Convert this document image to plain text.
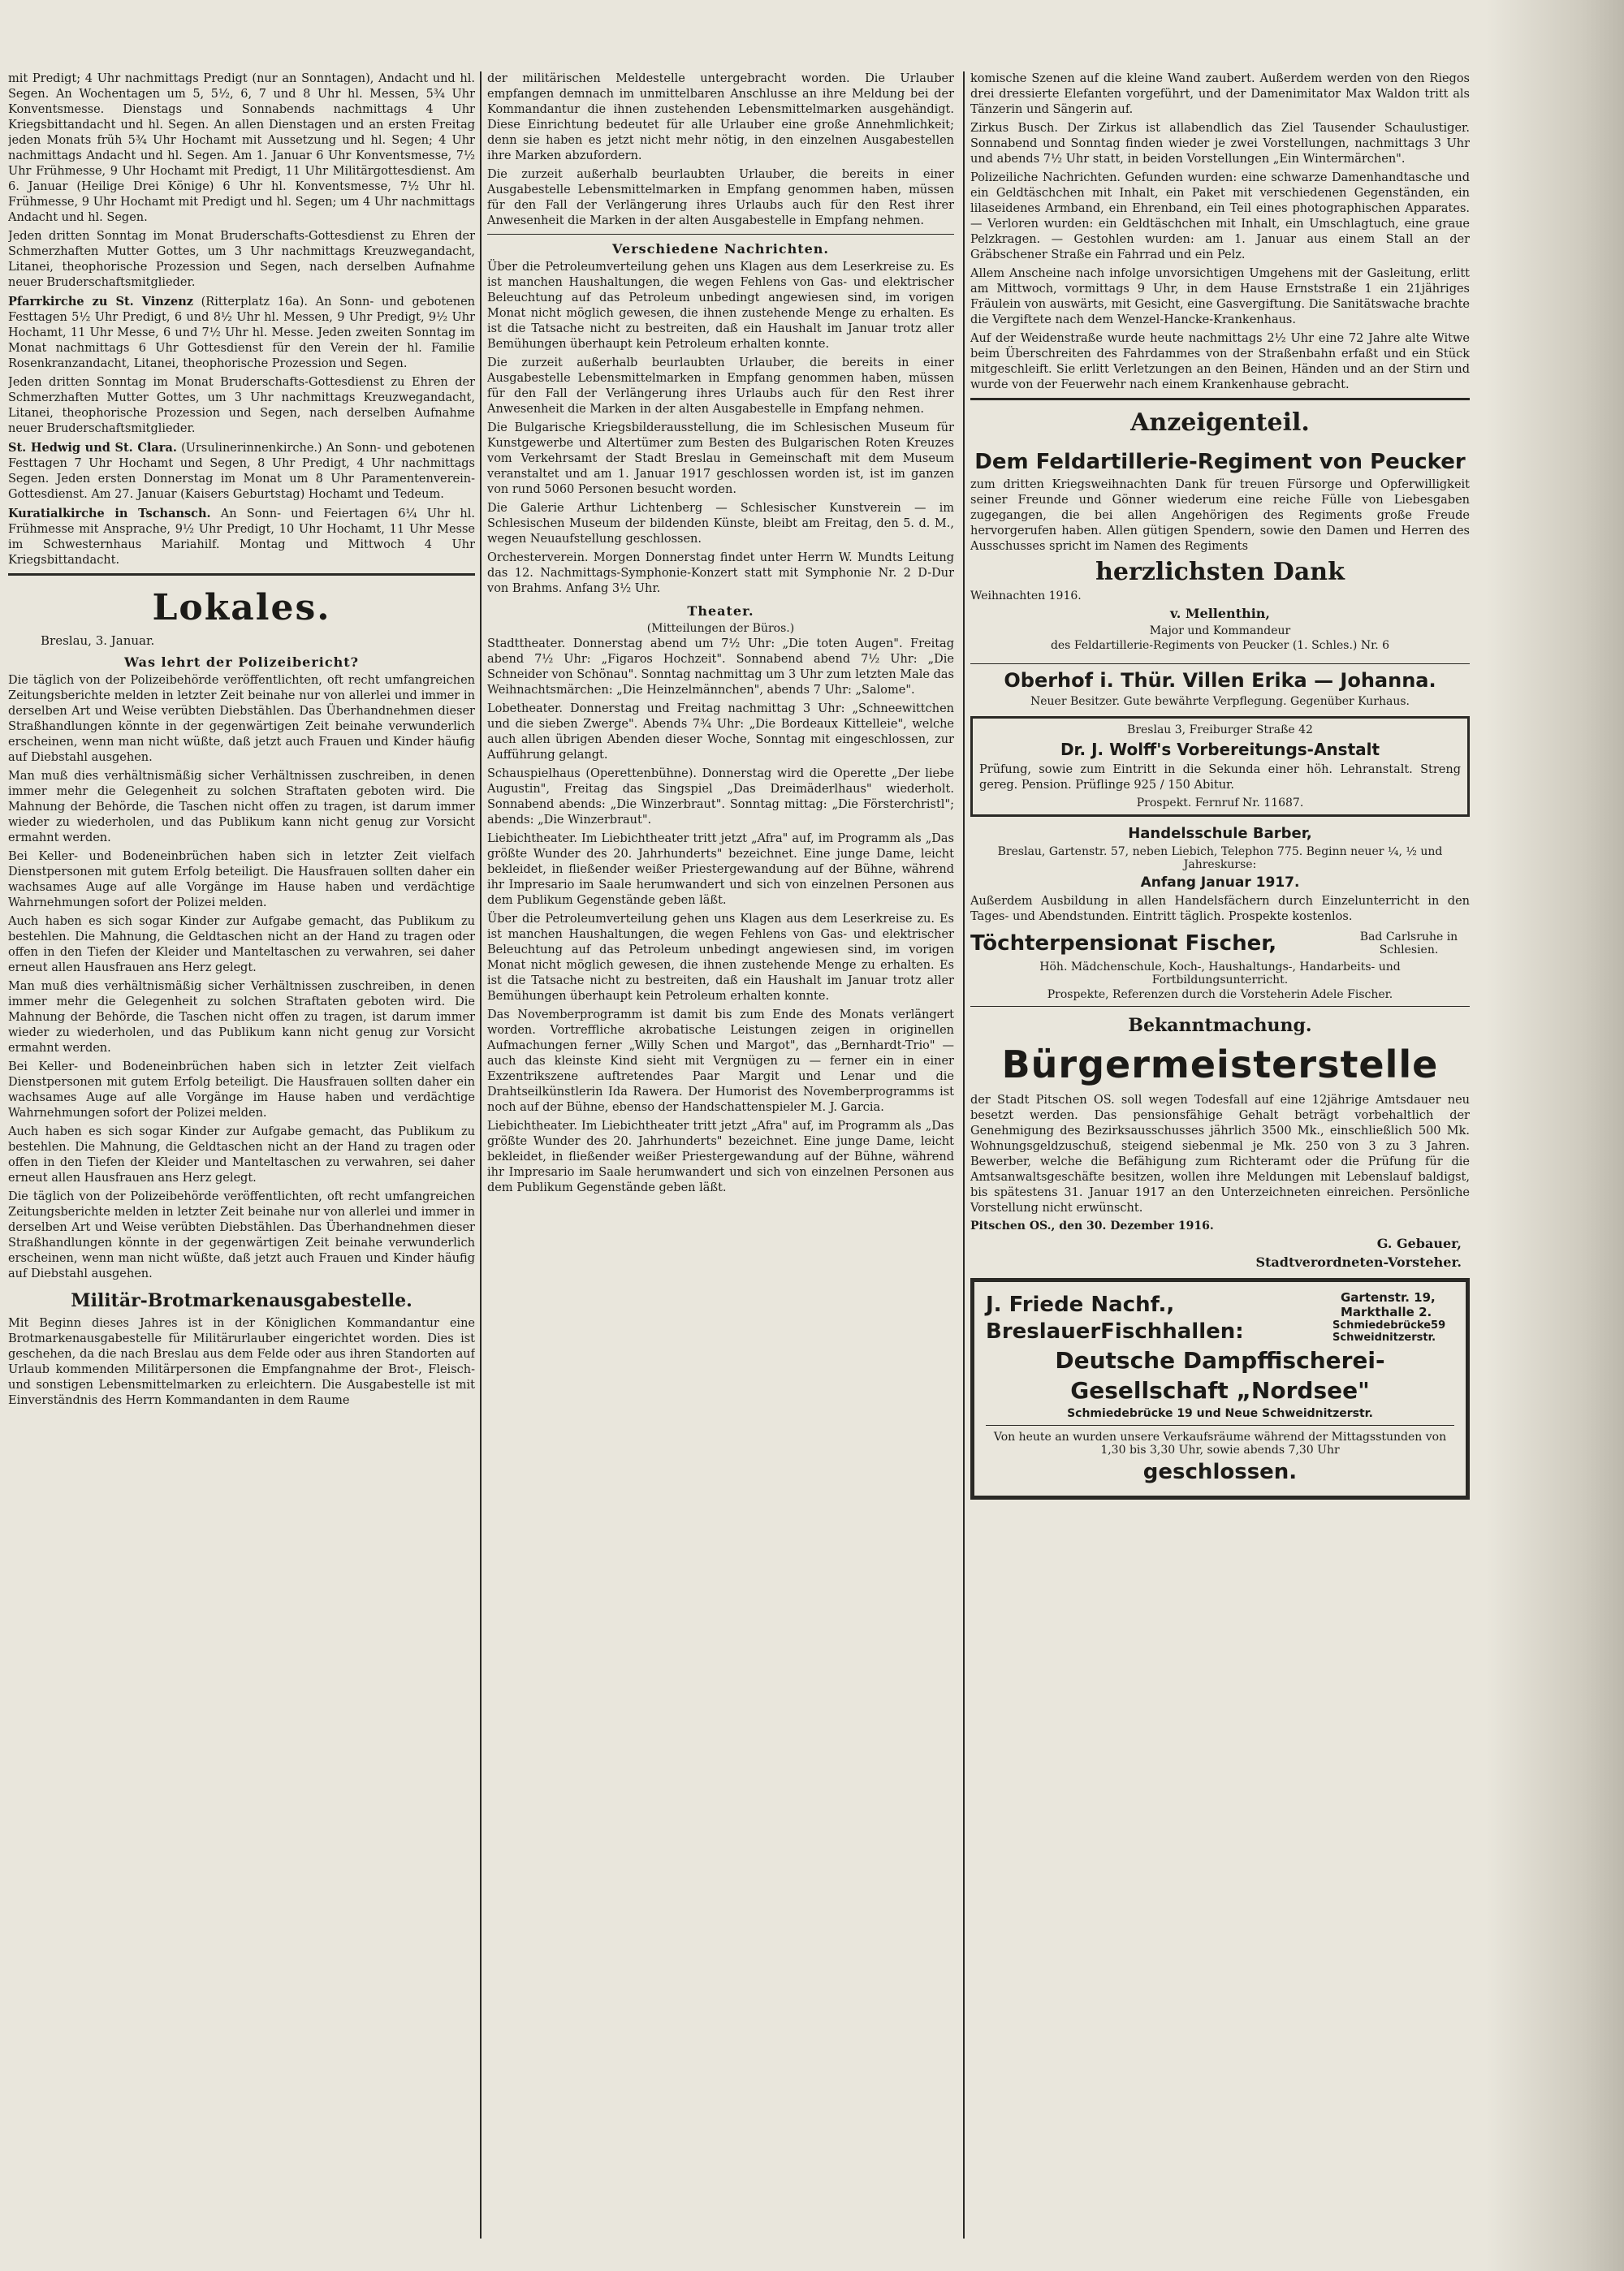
mit Predigt; 4 Uhr nachmittags Predigt (nur an Sonntagen), Andacht und hl. Segen. An Wochentagen um 5, 5½, 6, 7 und 8 Uhr hl. Messen, 5¾ Uhr Konventsmesse. Dienstags und Sonnabends nachmittags 4 Uhr Kriegsbittandacht und hl. Segen. An allen Dienstagen und an ersten Freitag jeden Monats früh 5¾ Uhr Hochamt mit Aussetzung und hl. Segen; 4 Uhr nachmittags Andacht und hl. Segen. Am 1. Januar 6 Uhr Konventsmesse, 7½ Uhr Frühmesse, 9 Uhr Hochamt mit Predigt, 11 Uhr Militärgottesdienst. Am 6. Januar (Heilige Drei Könige) 6 Uhr hl. Konventsmesse, 7½ Uhr hl. Frühmesse, 9 Uhr Hochamt mit Predigt und hl. Segen; um 4 Uhr nachmittags Andacht und hl. Segen.

Jeden dritten Sonntag im Monat Bruderschafts-Gottesdienst zu Ehren der Schmerzhaften Mutter Gottes, um 3 Uhr nachmittags Kreuzwegandacht, Litanei, theophorische Prozession und Segen, nach derselben Aufnahme neuer Bruderschaftsmitglieder.

Pfarrkirche zu St. Vinzenz (Ritterplatz 16a). An Sonn- und gebotenen Festtagen 5½ Uhr Predigt, 6 und 8½ Uhr hl. Messen, 9 Uhr Predigt, 9½ Uhr Hochamt, 11 Uhr Messe, 6 und 7½ Uhr hl. Messe. Jeden zweiten Sonntag im Monat nachmittags 6 Uhr Gottesdienst für den Verein der hl. Familie Rosenkranzandacht, Litanei, theophorische Prozession und Segen.

Jeden dritten Sonntag im Monat Bruderschafts-Gottesdienst zu Ehren der Schmerzhaften Mutter Gottes, um 3 Uhr nachmittags Kreuzwegandacht, Litanei, theophorische Prozession und Segen, nach derselben Aufnahme neuer Bruderschaftsmitglieder.

St. Hedwig und St. Clara. (Ursulinerinnenkirche.) An Sonn- und gebotenen Festtagen 7 Uhr Hochamt und Segen, 8 Uhr Predigt, 4 Uhr nachmittags Segen. Jeden ersten Donnerstag im Monat um 8 Uhr Paramentenverein-Gottesdienst. Am 27. Januar (Kaisers Geburtstag) Hochamt und Tedeum.

Kuratialkirche in Tschansch. An Sonn- und Feiertagen 6¼ Uhr hl. Frühmesse mit Ansprache, 9½ Uhr Predigt, 10 Uhr Hochamt, 11 Uhr Messe im Schwesternhaus Mariahilf. Montag und Mittwoch 4 Uhr Kriegsbittandacht.

Lokales.
Breslau, 3. Januar.
Was lehrt der Polizeibericht?

Die täglich von der Polizeibehörde veröffentlichten, oft recht umfangreichen Zeitungsberichte melden in letzter Zeit beinahe nur von allerlei und immer in derselben Art und Weise verübten Diebstählen. Das Überhandnehmen dieser Straßhandlungen könnte in der gegenwärtigen Zeit beinahe verwunderlich erscheinen, wenn man nicht wüßte, daß jetzt auch Frauen und Kinder häufig auf Diebstahl ausgehen.

Man muß dies verhältnismäßig sicher Verhältnissen zuschreiben, in denen immer mehr die Gelegenheit zu solchen Straftaten geboten wird. Die Mahnung der Behörde, die Taschen nicht offen zu tragen, ist darum immer wieder zu wiederholen, und das Publikum kann nicht genug zur Vorsicht ermahnt werden.

Bei Keller- und Bodeneinbrüchen haben sich in letzter Zeit vielfach Dienstpersonen mit gutem Erfolg beteiligt. Die Hausfrauen sollten daher ein wachsames Auge auf alle Vorgänge im Hause haben und verdächtige Wahrnehmungen sofort der Polizei melden.

Auch haben es sich sogar Kinder zur Aufgabe gemacht, das Publikum zu bestehlen. Die Mahnung, die Geldtaschen nicht an der Hand zu tragen oder offen in den Tiefen der Kleider und Manteltaschen zu verwahren, sei daher erneut allen Hausfrauen ans Herz gelegt.

Man muß dies verhältnismäßig sicher Verhältnissen zuschreiben, in denen immer mehr die Gelegenheit zu solchen Straftaten geboten wird. Die Mahnung der Behörde, die Taschen nicht offen zu tragen, ist darum immer wieder zu wiederholen, und das Publikum kann nicht genug zur Vorsicht ermahnt werden.

Bei Keller- und Bodeneinbrüchen haben sich in letzter Zeit vielfach Dienstpersonen mit gutem Erfolg beteiligt. Die Hausfrauen sollten daher ein wachsames Auge auf alle Vorgänge im Hause haben und verdächtige Wahrnehmungen sofort der Polizei melden.

Auch haben es sich sogar Kinder zur Aufgabe gemacht, das Publikum zu bestehlen. Die Mahnung, die Geldtaschen nicht an der Hand zu tragen oder offen in den Tiefen der Kleider und Manteltaschen zu verwahren, sei daher erneut allen Hausfrauen ans Herz gelegt.

Die täglich von der Polizeibehörde veröffentlichten, oft recht umfangreichen Zeitungsberichte melden in letzter Zeit beinahe nur von allerlei und immer in derselben Art und Weise verübten Diebstählen. Das Überhandnehmen dieser Straßhandlungen könnte in der gegenwärtigen Zeit beinahe verwunderlich erscheinen, wenn man nicht wüßte, daß jetzt auch Frauen und Kinder häufig auf Diebstahl ausgehen.

Militär-Brotmarkenausgabestelle.

Mit Beginn dieses Jahres ist in der Königlichen Kommandantur eine Brotmarkenausgabestelle für Militärurlauber eingerichtet worden. Dies ist geschehen, da die nach Breslau aus dem Felde oder aus ihren Standorten auf Urlaub kommenden Militärpersonen die Empfangnahme der Brot-, Fleisch- und sonstigen Lebensmittelmarken zu erleichtern. Die Ausgabestelle ist mit Einverständnis des Herrn Kommandanten in dem Raume

der militärischen Meldestelle untergebracht worden. Die Urlauber empfangen demnach im unmittelbaren Anschlusse an ihre Meldung bei der Kommandantur die ihnen zustehenden Lebensmittelmarken ausgehändigt. Diese Einrichtung bedeutet für alle Urlauber eine große Annehmlichkeit; denn sie haben es jetzt nicht mehr nötig, in den einzelnen Ausgabestellen ihre Marken abzufordern.

Die zurzeit außerhalb beurlaubten Urlauber, die bereits in einer Ausgabestelle Lebensmittelmarken in Empfang genommen haben, müssen für den Fall der Verlängerung ihres Urlaubs auch für den Rest ihrer Anwesenheit die Marken in der alten Ausgabestelle in Empfang nehmen.

Verschiedene Nachrichten.

Über die Petroleumverteilung gehen uns Klagen aus dem Leserkreise zu. Es ist manchen Haushaltungen, die wegen Fehlens von Gas- und elektrischer Beleuchtung auf das Petroleum unbedingt angewiesen sind, im vorigen Monat nicht möglich gewesen, die ihnen zustehende Menge zu erhalten. Es ist die Tatsache nicht zu bestreiten, daß ein Haushalt im Januar trotz aller Bemühungen überhaupt kein Petroleum erhalten konnte.

Die zurzeit außerhalb beurlaubten Urlauber, die bereits in einer Ausgabestelle Lebensmittelmarken in Empfang genommen haben, müssen für den Fall der Verlängerung ihres Urlaubs auch für den Rest ihrer Anwesenheit die Marken in der alten Ausgabestelle in Empfang nehmen.

Die Bulgarische Kriegsbilderausstellung, die im Schlesischen Museum für Kunstgewerbe und Altertümer zum Besten des Bulgarischen Roten Kreuzes vom Verkehrsamt der Stadt Breslau in Gemeinschaft mit dem Museum veranstaltet und am 1. Januar 1917 geschlossen worden ist, ist im ganzen von rund 5060 Personen besucht worden.

Die Galerie Arthur Lichtenberg — Schlesischer Kunstverein — im Schlesischen Museum der bildenden Künste, bleibt am Freitag, den 5. d. M., wegen Neuaufstellung geschlossen.

Orchesterverein. Morgen Donnerstag findet unter Herrn W. Mundts Leitung das 12. Nachmittags-Symphonie-Konzert statt mit Symphonie Nr. 2 D-Dur von Brahms. Anfang 3½ Uhr.

Theater.
(Mitteilungen der Büros.)

Stadttheater. Donnerstag abend um 7½ Uhr: „Die toten Augen". Freitag abend 7½ Uhr: „Figaros Hochzeit". Sonnabend abend 7½ Uhr: „Die Schneider von Schönau". Sonntag nachmittag um 3 Uhr zum letzten Male das Weihnachtsmärchen: „Die Heinzelmännchen", abends 7 Uhr: „Salome".

Lobetheater. Donnerstag und Freitag nachmittag 3 Uhr: „Schneewittchen und die sieben Zwerge". Abends 7¾ Uhr: „Die Bordeaux Kittelleie", welche auch allen übrigen Abenden dieser Woche, Sonntag mit eingeschlossen, zur Aufführung gelangt.

Schauspielhaus (Operettenbühne). Donnerstag wird die Operette „Der liebe Augustin", Freitag das Singspiel „Das Dreimäderlhaus" wiederholt. Sonnabend abends: „Die Winzerbraut". Sonntag mittag: „Die Försterchristl"; abends: „Die Winzerbraut".

Liebichtheater. Im Liebichtheater tritt jetzt „Afra" auf, im Programm als „Das größte Wunder des 20. Jahrhunderts" bezeichnet. Eine junge Dame, leicht bekleidet, in fließender weißer Priestergewandung auf der Bühne, während ihr Impresario im Saale herumwandert und sich von einzelnen Personen aus dem Publikum Gegenstände geben läßt.

Über die Petroleumverteilung gehen uns Klagen aus dem Leserkreise zu. Es ist manchen Haushaltungen, die wegen Fehlens von Gas- und elektrischer Beleuchtung auf das Petroleum unbedingt angewiesen sind, im vorigen Monat nicht möglich gewesen, die ihnen zustehende Menge zu erhalten. Es ist die Tatsache nicht zu bestreiten, daß ein Haushalt im Januar trotz aller Bemühungen überhaupt kein Petroleum erhalten konnte.

Das Novemberprogramm ist damit bis zum Ende des Monats verlängert worden. Vortreffliche akrobatische Leistungen zeigen in originellen Aufmachungen ferner „Willy Schen und Margot", das „Bernhardt-Trio" — auch das kleinste Kind sieht mit Vergnügen zu — ferner ein in einer Exzentrikszene auftretendes Paar Margit und Lenar und die Drahtseilkünstlerin Ida Rawera. Der Humorist des Novemberprogramms ist noch auf der Bühne, ebenso der Handschattenspieler M. J. Garcia.

Liebichtheater. Im Liebichtheater tritt jetzt „Afra" auf, im Programm als „Das größte Wunder des 20. Jahrhunderts" bezeichnet. Eine junge Dame, leicht bekleidet, in fließender weißer Priestergewandung auf der Bühne, während ihr Impresario im Saale herumwandert und sich von einzelnen Personen aus dem Publikum Gegenstände geben läßt.

komische Szenen auf die kleine Wand zaubert. Außerdem werden von den Riegos drei dressierte Elefanten vorgeführt, und der Damenimitator Max Waldon tritt als Tänzerin und Sängerin auf.

Zirkus Busch. Der Zirkus ist allabendlich das Ziel Tausender Schaulustiger. Sonnabend und Sonntag finden wieder je zwei Vorstellungen, nachmittags 3 Uhr und abends 7½ Uhr statt, in beiden Vorstellungen „Ein Wintermärchen".

Polizeiliche Nachrichten. Gefunden wurden: eine schwarze Damenhandtasche und ein Geldtäschchen mit Inhalt, ein Paket mit verschiedenen Gegenständen, ein lilaseidenes Armband, ein Ehrenband, ein Teil eines photographischen Apparates. — Verloren wurden: ein Geldtäschchen mit Inhalt, ein Umschlagtuch, eine graue Pelzkragen. — Gestohlen wurden: am 1. Januar aus einem Stall an der Gräbschener Straße ein Fahrrad und ein Pelz.

Allem Anscheine nach infolge unvorsichtigen Umgehens mit der Gasleitung, erlitt am Mittwoch, vormittags 9 Uhr, in dem Hause Ernststraße 1 ein 21jähriges Fräulein von auswärts, mit Gesicht, eine Gasvergiftung. Die Sanitätswache brachte die Vergiftete nach dem Wenzel-Hancke-Krankenhaus.

Auf der Weidenstraße wurde heute nachmittags 2½ Uhr eine 72 Jahre alte Witwe beim Überschreiten des Fahrdammes von der Straßenbahn erfaßt und ein Stück mitgeschleift. Sie erlitt Verletzungen an den Beinen, Händen und an der Stirn und wurde von der Feuerwehr nach einem Krankenhause gebracht.

Anzeigenteil.
Dem Feldartillerie-Regiment von Peucker

zum dritten Kriegsweihnachten Dank für treuen Fürsorge und Opferwilligkeit seiner Freunde und Gönner wiederum eine reiche Fülle von Liebesgaben zugegangen, die bei allen Angehörigen des Regiments große Freude hervorgerufen haben. Allen gütigen Spendern, sowie den Damen und Herren des Ausschusses spricht im Namen des Regiments

herzlichsten Dank
Weihnachten 1916.
v. Mellenthin,
Major und Kommandeur
des Feldartillerie-Regiments von Peucker (1. Schles.) Nr. 6
Oberhof i. Thür. Villen Erika — Johanna.
Neuer Besitzer. Gute bewährte Verpflegung. Gegenüber Kurhaus.
Breslau 3, Freiburger Straße 42
Dr. J. Wolff's Vorbereitungs-Anstalt

Prüfung, sowie zum Eintritt in die Sekunda einer höh. Lehranstalt. Streng gereg. Pension. Prüflinge 925 / 150 Abitur.

Prospekt. Fernruf Nr. 11687.
Handelsschule Barber,
Breslau, Gartenstr. 57, neben Liebich, Telephon 775. Beginn neuer ¼, ½ und Jahreskurse:
Anfang Januar 1917.

Außerdem Ausbildung in allen Handelsfächern durch Einzelunterricht in den Tages- und Abendstunden. Eintritt täglich. Prospekte kostenlos.

Töchterpensionat Fischer,	Bad Carlsruhe in Schlesien.
Höh. Mädchenschule, Koch-, Haushaltungs-, Handarbeits- und Fortbildungsunterricht.
Prospekte, Referenzen durch die Vorsteherin Adele Fischer.
Bekanntmachung.
Bürgermeisterstelle

der Stadt Pitschen OS. soll wegen Todesfall auf eine 12jährige Amtsdauer neu besetzt werden. Das pensionsfähige Gehalt beträgt vorbehaltlich der Genehmigung des Bezirksausschusses jährlich 3500 Mk., einschließlich 500 Mk. Wohnungsgeldzuschuß, steigend siebenmal je Mk. 250 von 3 zu 3 Jahren. Bewerber, welche die Befähigung zum Richteramt oder die Prüfung für die Amtsanwaltsgeschäfte besitzen, wollen ihre Meldungen mit Lebenslauf baldigst, bis spätestens 31. Januar 1917 an den Unterzeichneten einreichen. Persönliche Vorstellung nicht erwünscht.

Pitschen OS., den 30. Dezember 1916.
G. Gebauer,
Stadtverordneten-Vorsteher.
J. Friede Nachf.,	Gartenstr. 19, Markthalle 2.
BreslauerFischhallen:	Schmiedebrücke59 Schweidnitzerstr.
Deutsche Dampffischerei-
Gesellschaft „Nordsee"
Schmiedebrücke 19 und Neue Schweidnitzerstr.
Von heute an wurden unsere Verkaufsräume während der Mittagsstunden von 1,30 bis 3,30 Uhr, sowie abends 7,30 Uhr
geschlossen.
